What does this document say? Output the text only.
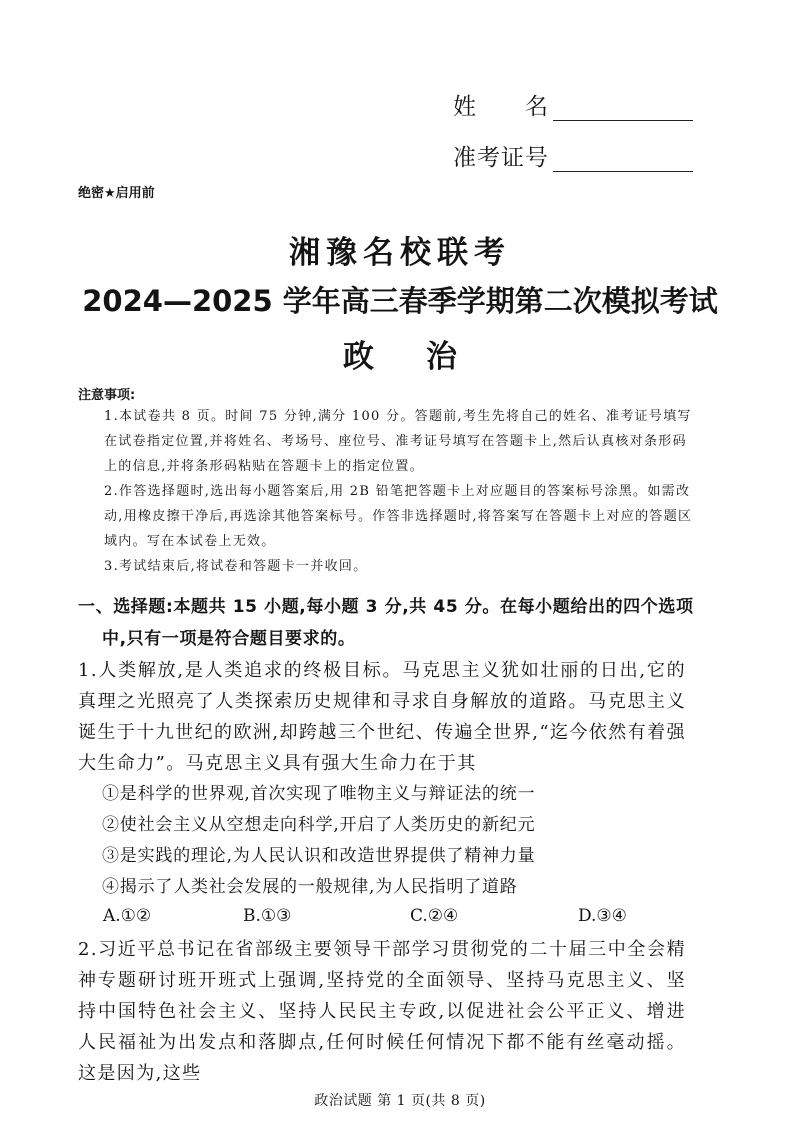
姓　　名
准考证号
绝密★启用前
湘豫名校联考
2024—2025 学年高三春季学期第二次模拟考试
政治
注意事项:
1.本试卷共 8 页。时间 75 分钟,满分 100 分。答题前,考生先将自己的姓名、准考证号填写在试卷指定位置,并将姓名、考场号、座位号、准考证号填写在答题卡上,然后认真核对条形码上的信息,并将条形码粘贴在答题卡上的指定位置。
2.作答选择题时,选出每小题答案后,用 2B 铅笔把答题卡上对应题目的答案标号涂黑。如需改动,用橡皮擦干净后,再选涂其他答案标号。作答非选择题时,将答案写在答题卡上对应的答题区域内。写在本试卷上无效。
3.考试结束后,将试卷和答题卡一并收回。
一、选择题:本题共 15 小题,每小题 3 分,共 45 分。在每小题给出的四个选项
中,只有一项是符合题目要求的。
1.人类解放,是人类追求的终极目标。马克思主义犹如壮丽的日出,它的真理之光照亮了人类探索历史规律和寻求自身解放的道路。马克思主义诞生于十九世纪的欧洲,却跨越三个世纪、传遍全世界,“迄今依然有着强大生命力”。马克思主义具有强大生命力在于其
①是科学的世界观,首次实现了唯物主义与辩证法的统一
②使社会主义从空想走向科学,开启了人类历史的新纪元
③是实践的理论,为人民认识和改造世界提供了精神力量
④揭示了人类社会发展的一般规律,为人民指明了道路
A.①②	B.①③	C.②④	D.③④
2.习近平总书记在省部级主要领导干部学习贯彻党的二十届三中全会精神专题研讨班开班式上强调,坚持党的全面领导、坚持马克思主义、坚持中国特色社会主义、坚持人民民主专政,以促进社会公平正义、增进人民福祉为出发点和落脚点,任何时候任何情况下都不能有丝毫动摇。这是因为,这些
政治试题 第 1 页(共 8 页)
